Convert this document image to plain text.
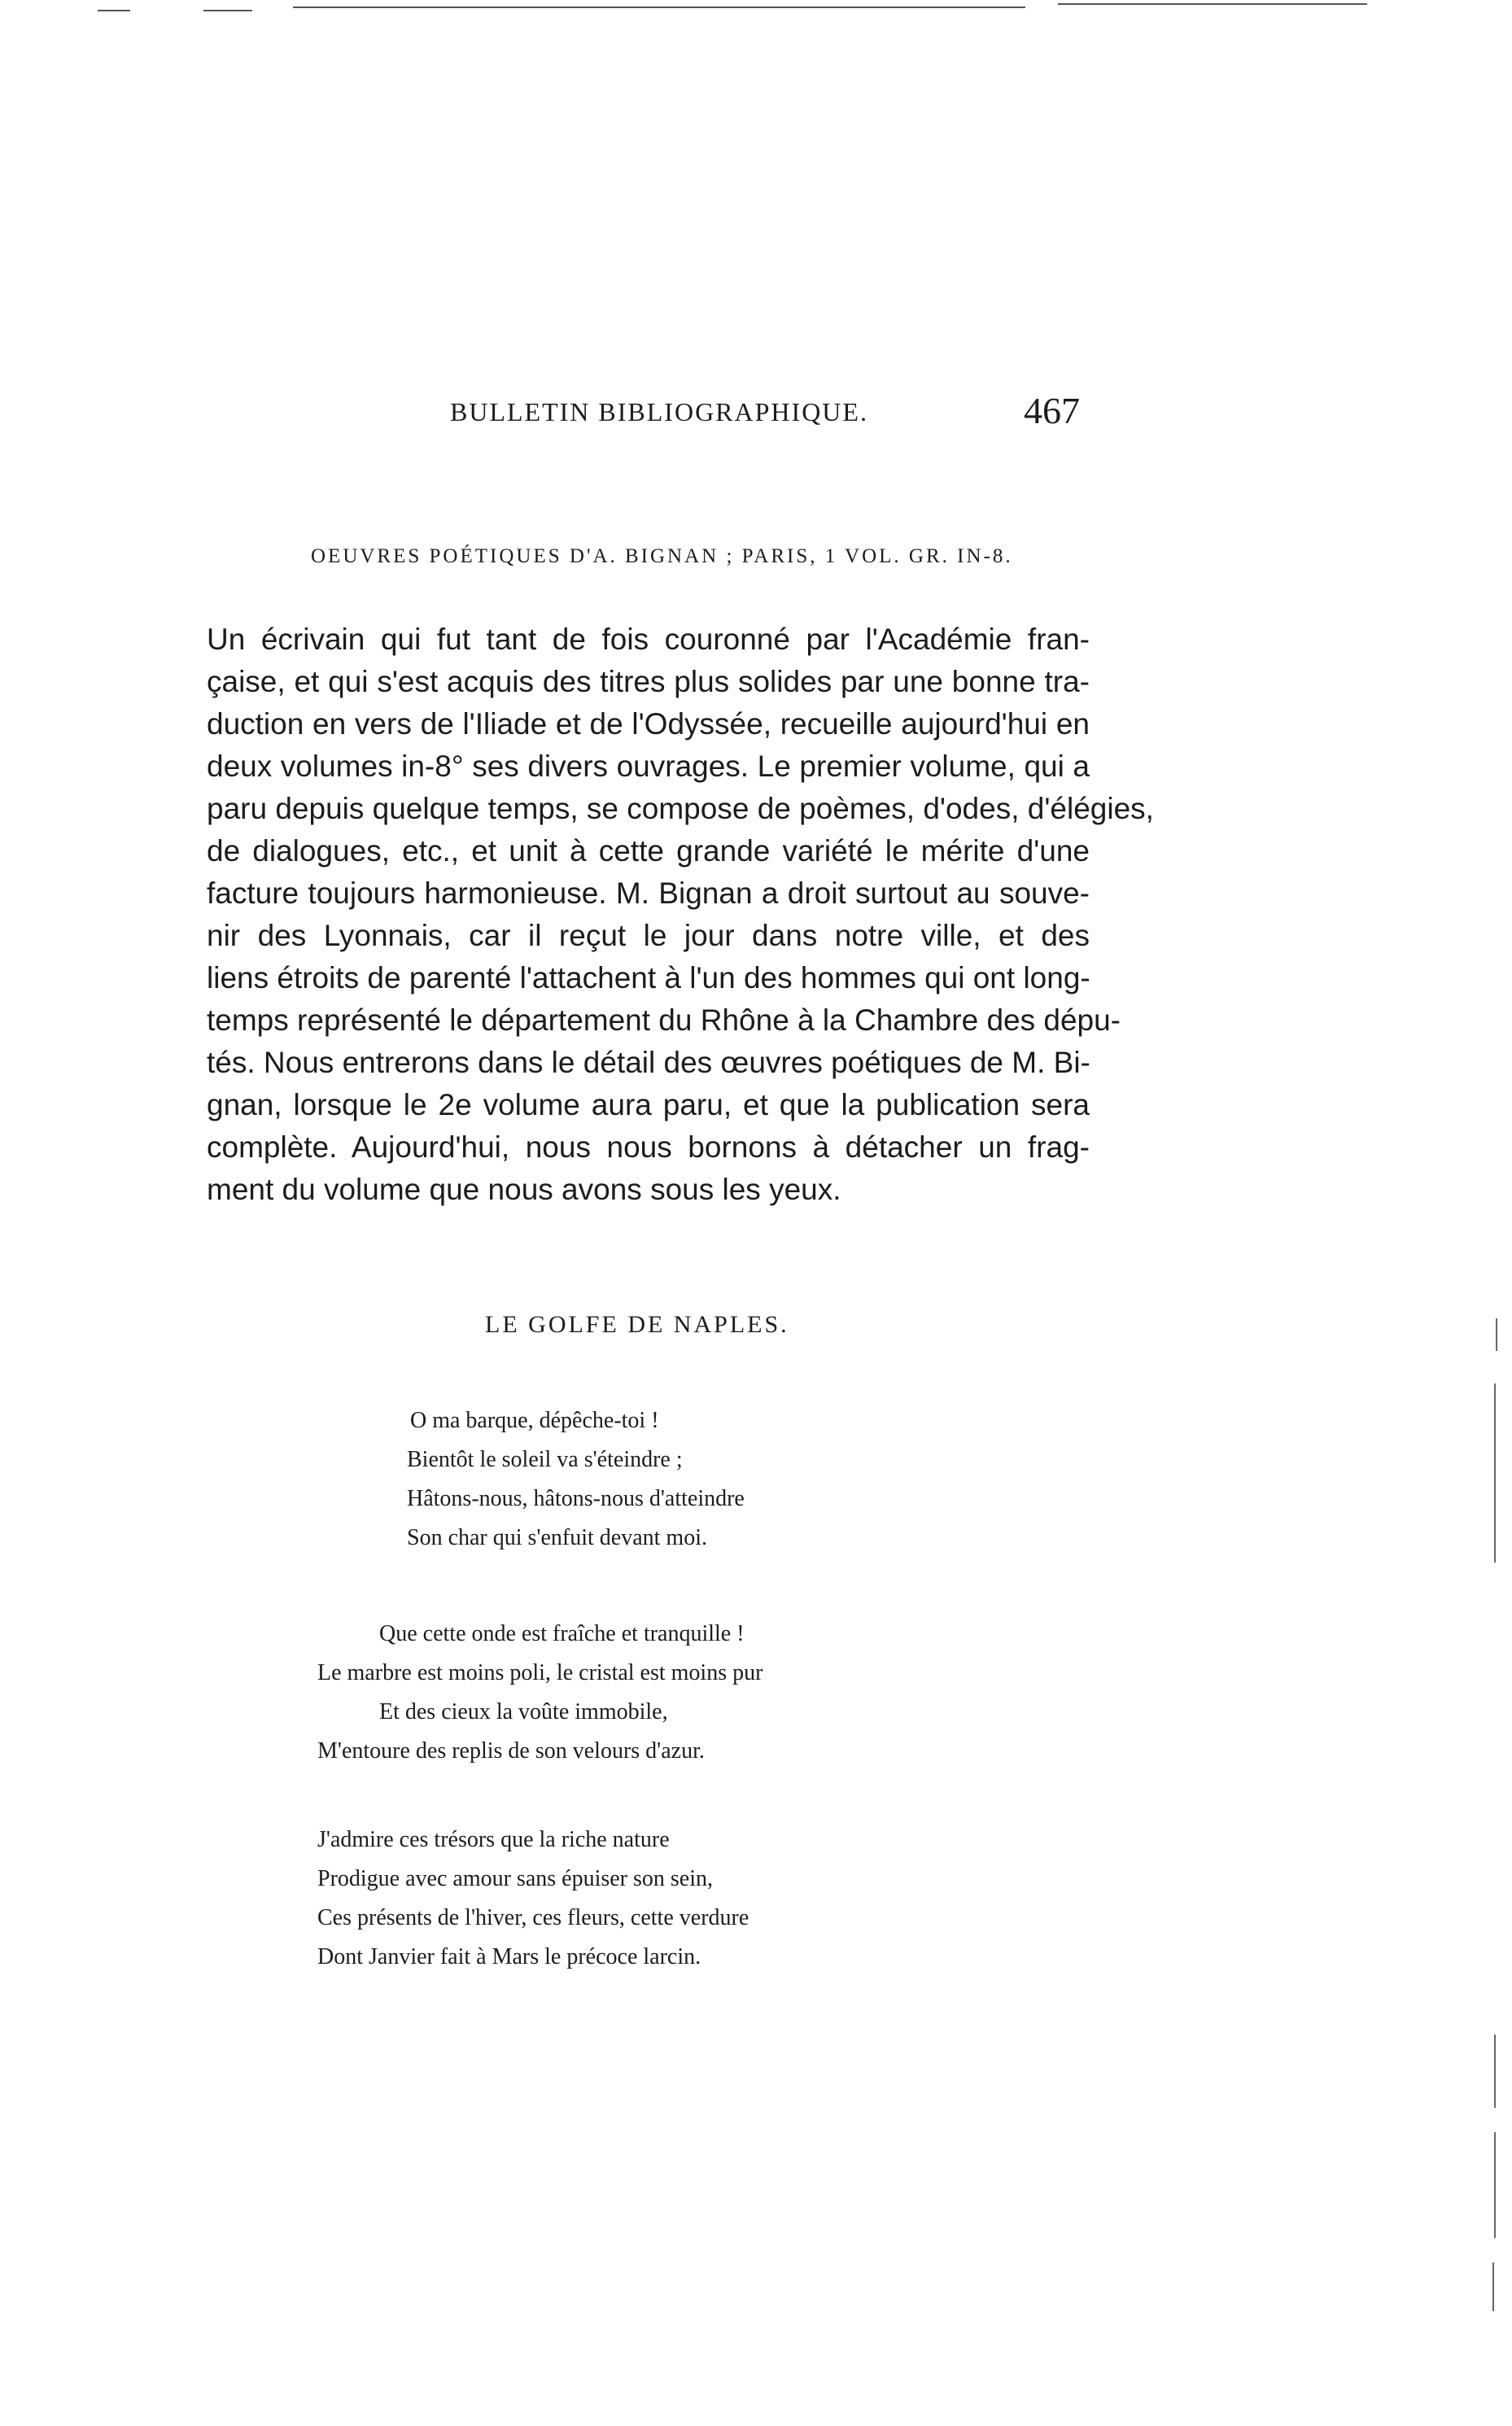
BULLETIN BIBLIOGRAPHIQUE.	467
OEUVRES POÉTIQUES D'A. BIGNAN ; PARIS, 1 VOL. GR. IN-8.

Un écrivain qui fut tant de fois couronné par l'Académie fran-
çaise, et qui s'est acquis des titres plus solides par une bonne tra-
duction en vers de l'Iliade et de l'Odyssée, recueille aujourd'hui en
deux volumes in-8° ses divers ouvrages. Le premier volume, qui a
paru depuis quelque temps, se compose de poèmes, d'odes, d'élégies,
de dialogues, etc., et unit à cette grande variété le mérite d'une
facture toujours harmonieuse. M. Bignan a droit surtout au souve-
nir des Lyonnais, car il reçut le jour dans notre ville, et des
liens étroits de parenté l'attachent à l'un des hommes qui ont long-
temps représenté le département du Rhône à la Chambre des dépu-
tés. Nous entrerons dans le détail des œuvres poétiques de M. Bi-
gnan, lorsque le 2e volume aura paru, et que la publication sera
complète. Aujourd'hui, nous nous bornons à détacher un frag-
ment du volume que nous avons sous les yeux.

LE GOLFE DE NAPLES.
O ma barque, dépêche-toi !
Bientôt le soleil va s'éteindre ;
Hâtons-nous, hâtons-nous d'atteindre
Son char qui s'enfuit devant moi.
Que cette onde est fraîche et tranquille !
Le marbre est moins poli, le cristal est moins pur
Et des cieux la voûte immobile,
M'entoure des replis de son velours d'azur.
J'admire ces trésors que la riche nature
Prodigue avec amour sans épuiser son sein,
Ces présents de l'hiver, ces fleurs, cette verdure
Dont Janvier fait à Mars le précoce larcin.
